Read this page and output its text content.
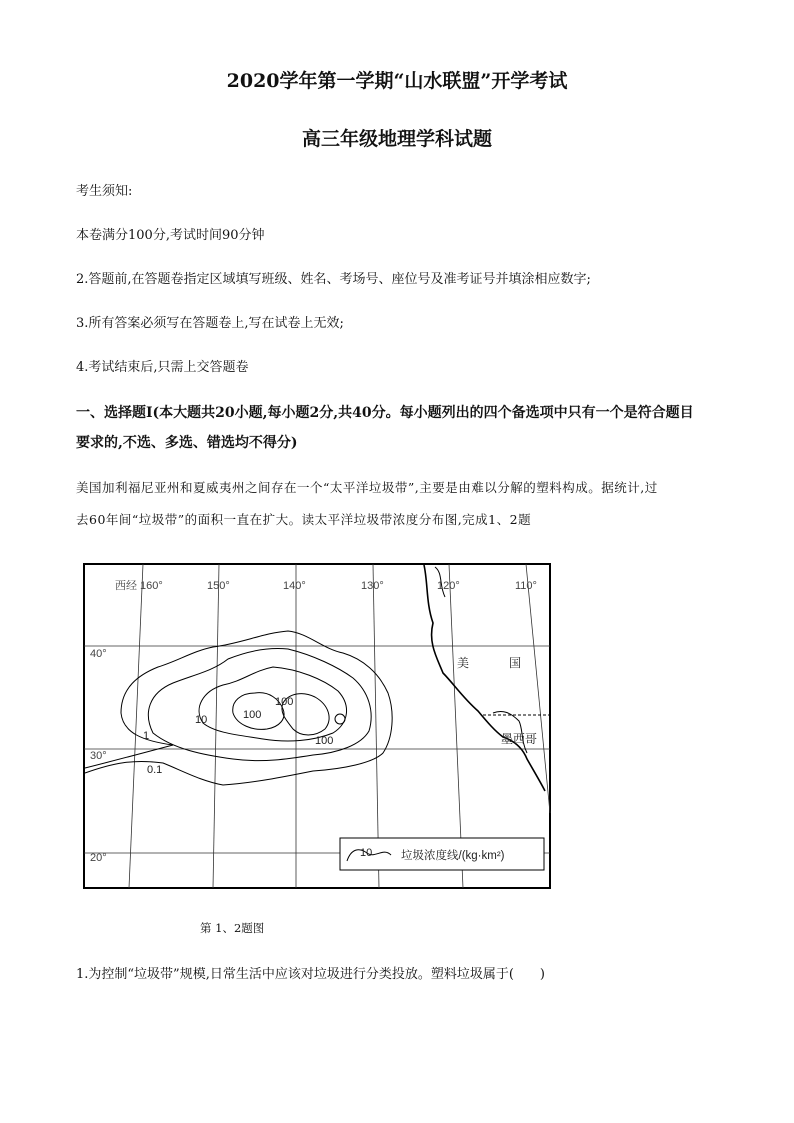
2020学年第一学期“山水联盟”开学考试
高三年级地理学科试题
考生须知:
本卷满分100分,考试时间90分钟
2.答题前,在答题卷指定区域填写班级、姓名、考场号、座位号及准考证号并填涂相应数字;
3.所有答案必须写在答题卷上,写在试卷上无效;
4.考试结束后,只需上交答题卷
一、选择题Ⅰ(本大题共20小题,每小题2分,共40分。每小题列出的四个备选项中只有一个是符合题目
要求的,不选、多选、错选均不得分)
美国加利福尼亚州和夏威夷州之间存在一个“太平洋垃圾带”,主要是由难以分解的塑料构成。据统计,过
去60年间“垃圾带”的面积一直在扩大。读太平洋垃圾带浓度分布图,完成1、2题
西经 160°	150°	140°	130°	120°	110°
40°
30°
20°
0.1
1
10	100
100
100
美	国
墨西哥
10	垃圾浓度线/(kg·km²)
第 1、2题图
1.为控制“垃圾带”规模,日常生活中应该对垃圾进行分类投放。塑料垃圾属于(　　)
